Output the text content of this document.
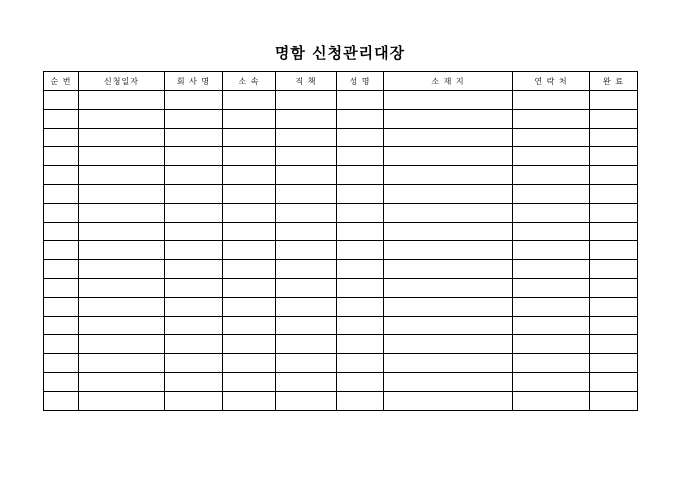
명함 신청관리대장
순 번	신청일자	회 사 명	소 속	직 책	성 명	소 재 지	연 락 처	완 료
